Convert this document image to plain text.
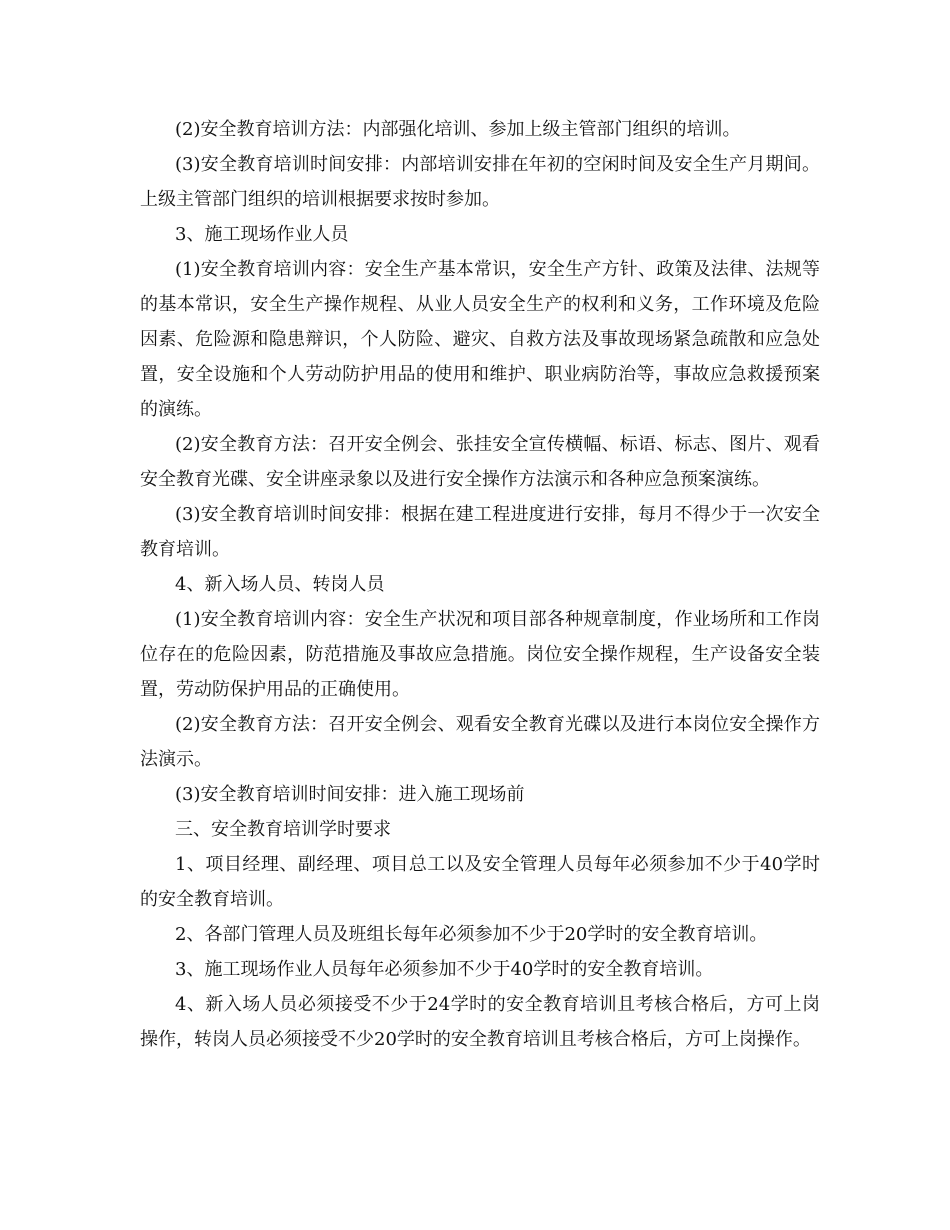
(2)安全教育培训方法：内部强化培训、参加上级主管部门组织的培训。

(3)安全教育培训时间安排：内部培训安排在年初的空闲时间及安全生产月期间。上级主管部门组织的培训根据要求按时参加。

3、施工现场作业人员

(1)安全教育培训内容：安全生产基本常识，安全生产方针、政策及法律、法规等的基本常识，安全生产操作规程、从业人员安全生产的权利和义务，工作环境及危险因素、危险源和隐患辩识，个人防险、避灾、自救方法及事故现场紧急疏散和应急处置，安全设施和个人劳动防护用品的使用和维护、职业病防治等，事故应急救援预案的演练。

(2)安全教育方法：召开安全例会、张挂安全宣传横幅、标语、标志、图片、观看安全教育光碟、安全讲座录象以及进行安全操作方法演示和各种应急预案演练。

(3)安全教育培训时间安排：根据在建工程进度进行安排，每月不得少于一次安全教育培训。

4、新入场人员、转岗人员

(1)安全教育培训内容：安全生产状况和项目部各种规章制度，作业场所和工作岗位存在的危险因素，防范措施及事故应急措施。岗位安全操作规程，生产设备安全装置，劳动防保护用品的正确使用。

(2)安全教育方法：召开安全例会、观看安全教育光碟以及进行本岗位安全操作方法演示。

(3)安全教育培训时间安排：进入施工现场前

三、安全教育培训学时要求

1、项目经理、副经理、项目总工以及安全管理人员每年必须参加不少于40学时的安全教育培训。

2、各部门管理人员及班组长每年必须参加不少于20学时的安全教育培训。

3、施工现场作业人员每年必须参加不少于40学时的安全教育培训。

4、新入场人员必须接受不少于24学时的安全教育培训且考核合格后，方可上岗操作，转岗人员必须接受不少20学时的安全教育培训且考核合格后，方可上岗操作。
